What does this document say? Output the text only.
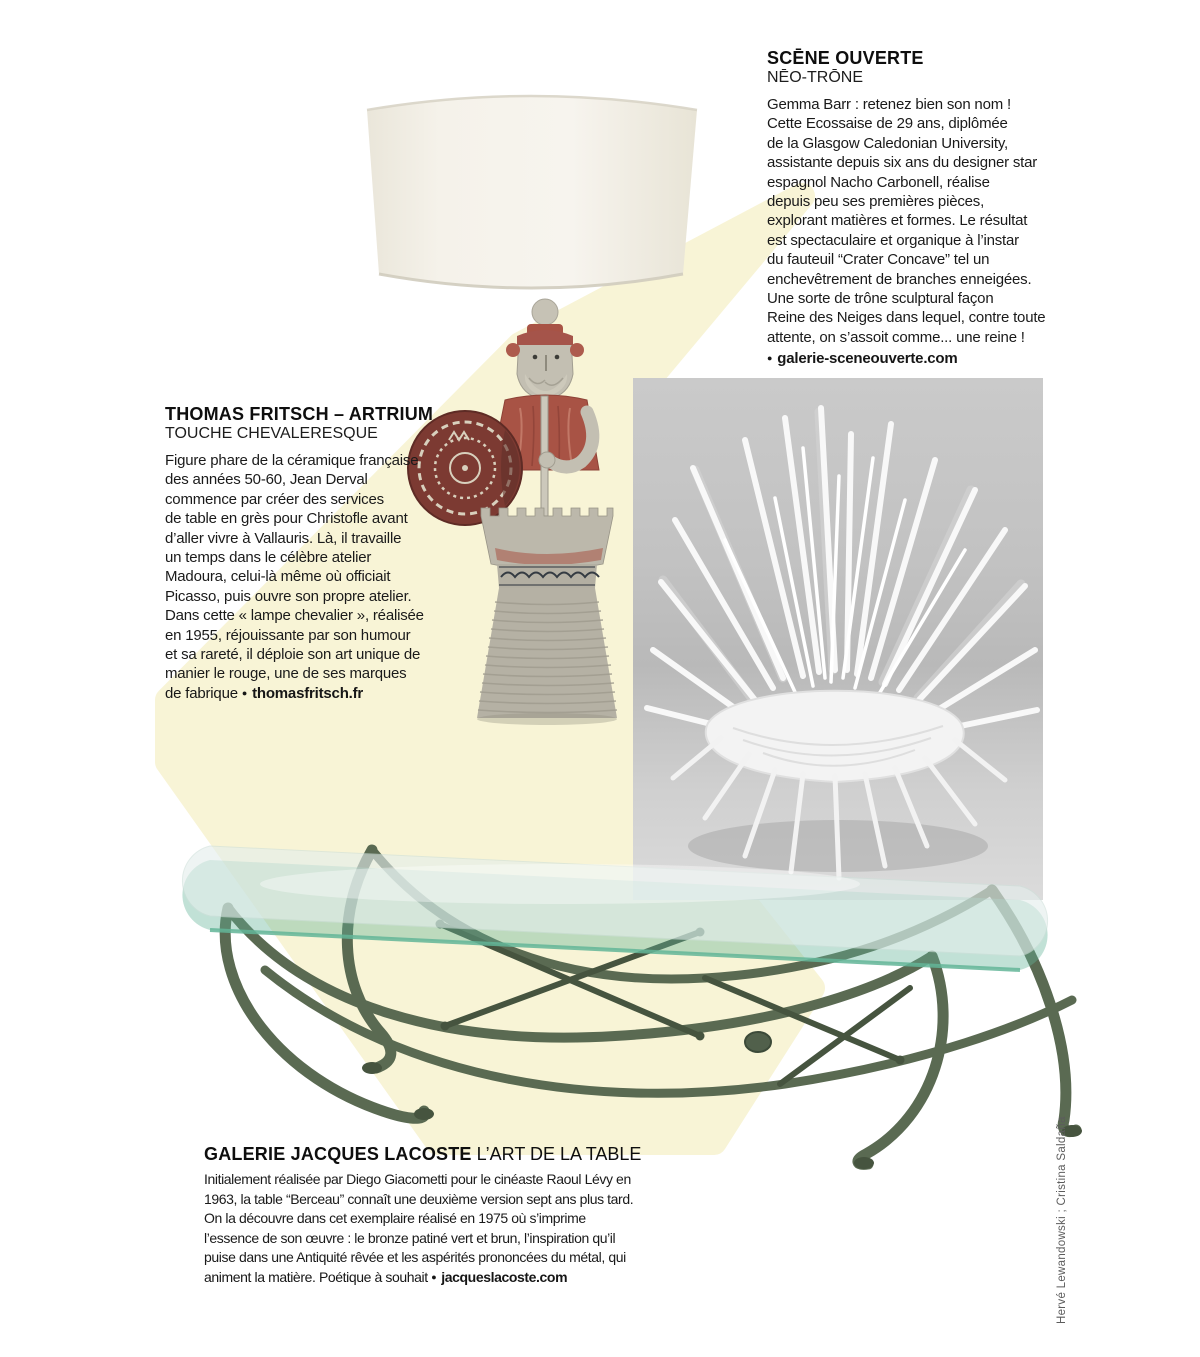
SCĒNE OUVERTE
NĒO-TRŌNE
Gemma Barr : retenez bien son nom !
Cette Ecossaise de 29 ans, diplômée
de la Glasgow Caledonian University,
assistante depuis six ans du designer star
espagnol Nacho Carbonell, réalise
depuis peu ses premières pièces,
explorant matières et formes. Le résultat
est spectaculaire et organique à l’instar
du fauteuil “Crater Concave” tel un
enchevêtrement de branches enneigées.
Une sorte de trône sculptural façon
Reine des Neiges dans lequel, contre toute
attente, on s’assoit comme... une reine !
● galerie-sceneouverte.com
THOMAS FRITSCH – ARTRIUM
TOUCHE CHEVALERESQUE
Figure phare de la céramique française
des années 50-60, Jean Derval
commence par créer des services
de table en grès pour Christofle avant
d’aller vivre à Vallauris. Là, il travaille
un temps dans le célèbre atelier
Madoura, celui-là même où officiait
Picasso, puis ouvre son propre atelier.
Dans cette « lampe chevalier », réalisée
en 1955, réjouissante par son humour
et sa rareté, il déploie son art unique de
manier le rouge, une de ses marques
de fabrique ● thomasfritsch.fr
GALERIE JACQUES LACOSTE L’ART DE LA TABLE
Initialement réalisée par Diego Giacometti pour le cinéaste Raoul Lévy en
1963, la table “Berceau” connaît une deuxième version sept ans plus tard.
On la découvre dans cet exemplaire réalisé en 1975 où s’imprime
l’essence de son œuvre : le bronze patiné vert et brun, l’inspiration qu’il
puise dans une Antiquité rêvée et les aspérités prononcées du métal, qui
animent la matière. Poétique à souhait ● jacqueslacoste.com	Hervé Lewandowski ; Cristina Saldaña
